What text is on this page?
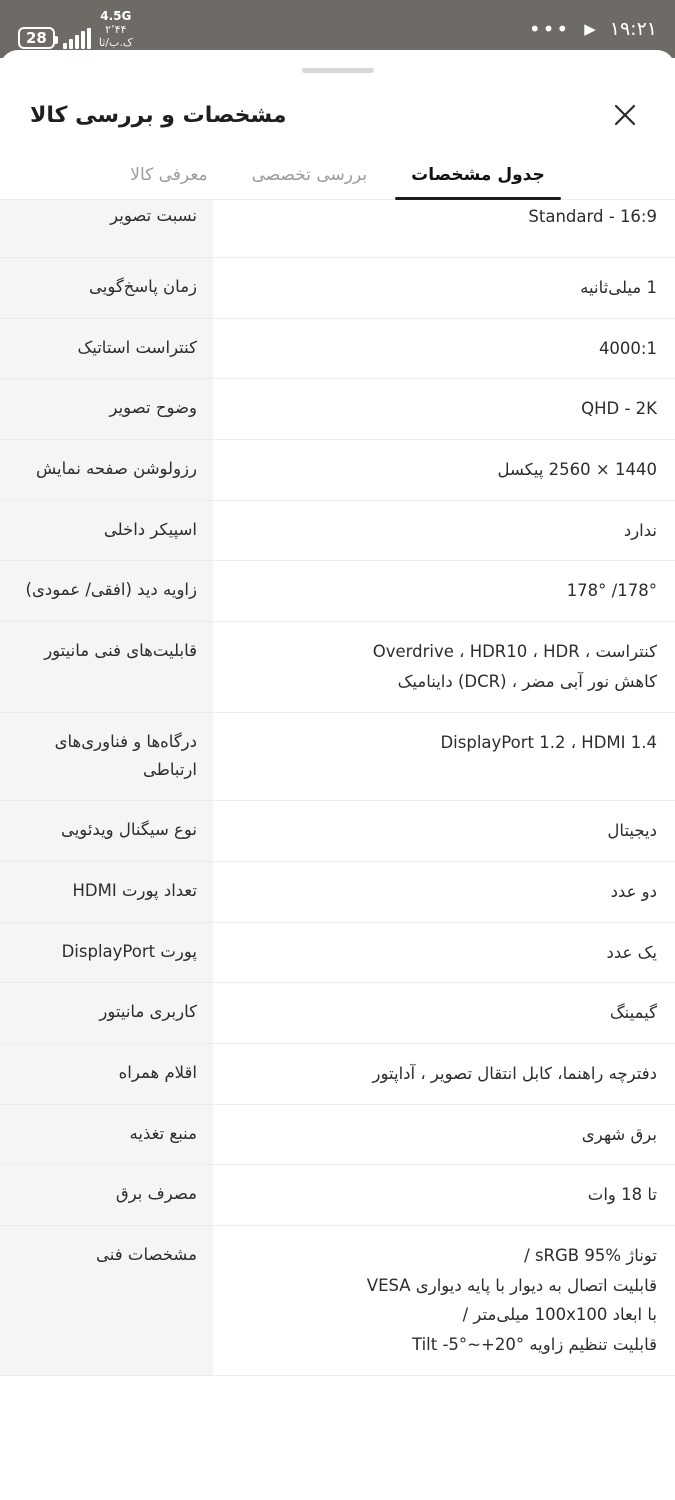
28
4.5G
۲٬۴۴
ک.ب/ثا
••• ▶ ۱۹:۲۱
مشخصات و بررسی کالا
معرفی کالا	بررسی تخصصی	جدول مشخصات
16:9 - Standard
نسبت تصویر
1 میلی‌ثانیه
زمان پاسخ‌گویی
4000:1
کنتراست استاتیک
QHD - 2K
وضوح تصویر
1440 × 2560 پیکسل
رزولوشن صفحه نمایش
ندارد
اسپیکر داخلی
178°/ 178°
زاویه دید (افقی/ عمودی)
کنتراست ، Overdrive ، HDR10 ، HDR
کاهش نور آبی مضر ، (DCR) داینامیک
قابلیت‌های فنی مانیتور
DisplayPort 1.2 ، HDMI 1.4
درگاه‌ها و فناوری‌های ارتباطی
دیجیتال
نوع سیگنال ویدئویی
دو عدد
تعداد پورت HDMI
یک عدد
پورت DisplayPort
گیمینگ
کاربری مانیتور
دفترچه راهنما، کابل انتقال تصویر ، آداپتور
اقلام همراه
برق شهری
منبع تغذیه
تا 18 وات
مصرف برق
توناژ sRGB 95% /
قابلیت اتصال به دیوار با پایه دیواری VESA
با ابعاد 100x100 میلی‌متر /
قابلیت تنظیم زاویه °20+~°5- Tilt
مشخصات فنی
